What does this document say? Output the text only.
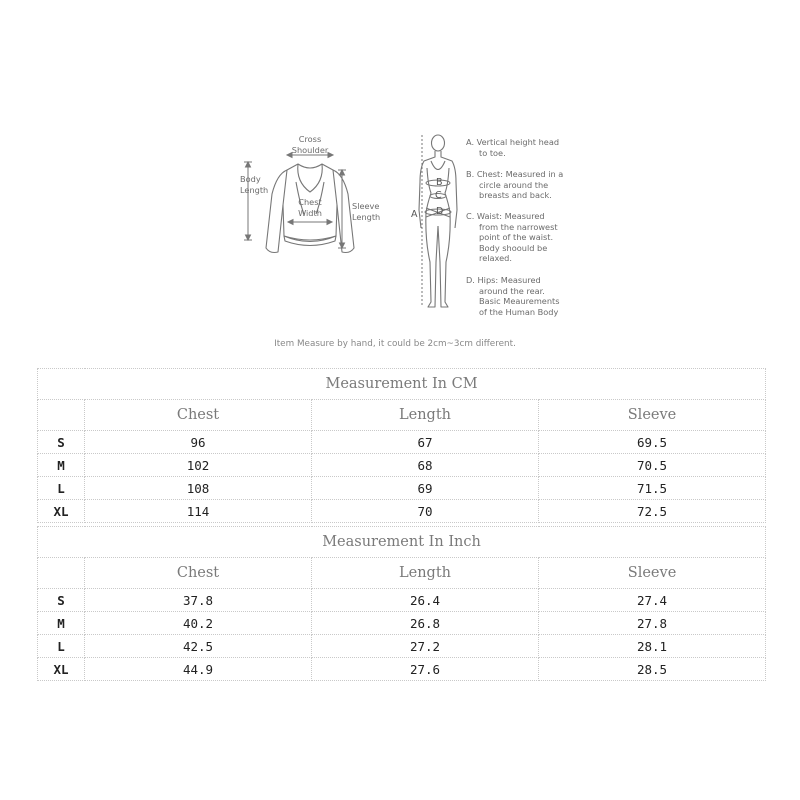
Cross
Shoulder
Body
Length
Chest
Width
Sleeve
Length	A
B
C
D
A. Vertical height head
to toe.
B. Chest: Measured in a
circle around the
breasts and back.
C. Waist: Measured
from the narrowest
point of the waist.
Body shoould be
relaxed.
D. Hips: Measured
around the rear.
Basic Meaurements
of the Human Body
Item Measure by hand, it could be 2cm~3cm different.
Measurement In CM			
	Chest	Length	Sleeve
S	96	67	69.5
M	102	68	70.5
L	108	69	71.5
XL	114	70	72.5
Measurement In Inch			
	Chest	Length	Sleeve
S	37.8	26.4	27.4
M	40.2	26.8	27.8
L	42.5	27.2	28.1
XL	44.9	27.6	28.5
